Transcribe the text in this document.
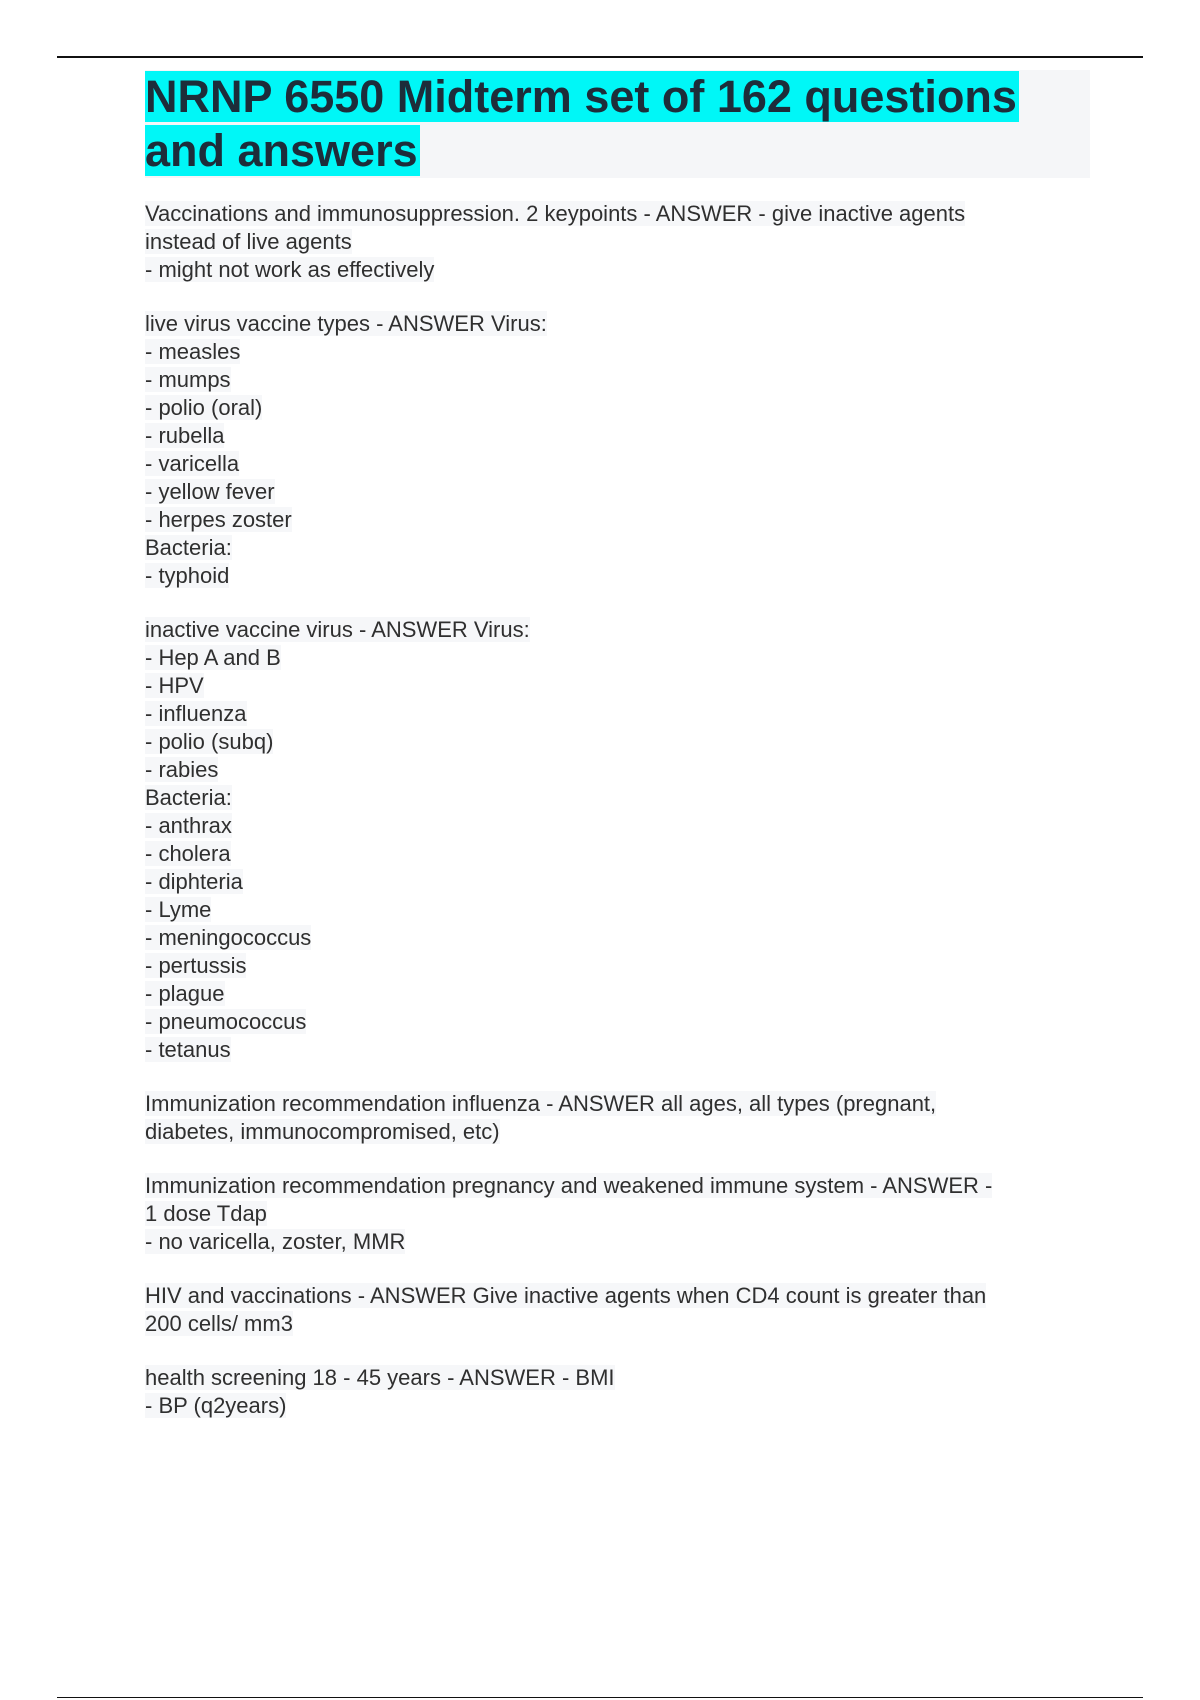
NRNP 6550 Midterm set of 162 questions and answers
Vaccinations and immunosuppression. 2 keypoints - ANSWER - give inactive agents
instead of live agents
- might not work as effectively
live virus vaccine types - ANSWER Virus:
- measles
- mumps
- polio (oral)
- rubella
- varicella
- yellow fever
- herpes zoster
Bacteria:
- typhoid
inactive vaccine virus - ANSWER Virus:
- Hep A and B
- HPV
- influenza
- polio (subq)
- rabies
Bacteria:
- anthrax
- cholera
- diphteria
- Lyme
- meningococcus
- pertussis
- plague
- pneumococcus
- tetanus
Immunization recommendation influenza - ANSWER all ages, all types (pregnant,
diabetes, immunocompromised, etc)
Immunization recommendation pregnancy and weakened immune system - ANSWER -
1 dose Tdap
- no varicella, zoster, MMR
HIV and vaccinations - ANSWER Give inactive agents when CD4 count is greater than
200 cells/ mm3
health screening 18 - 45 years - ANSWER - BMI
- BP (q2years)
